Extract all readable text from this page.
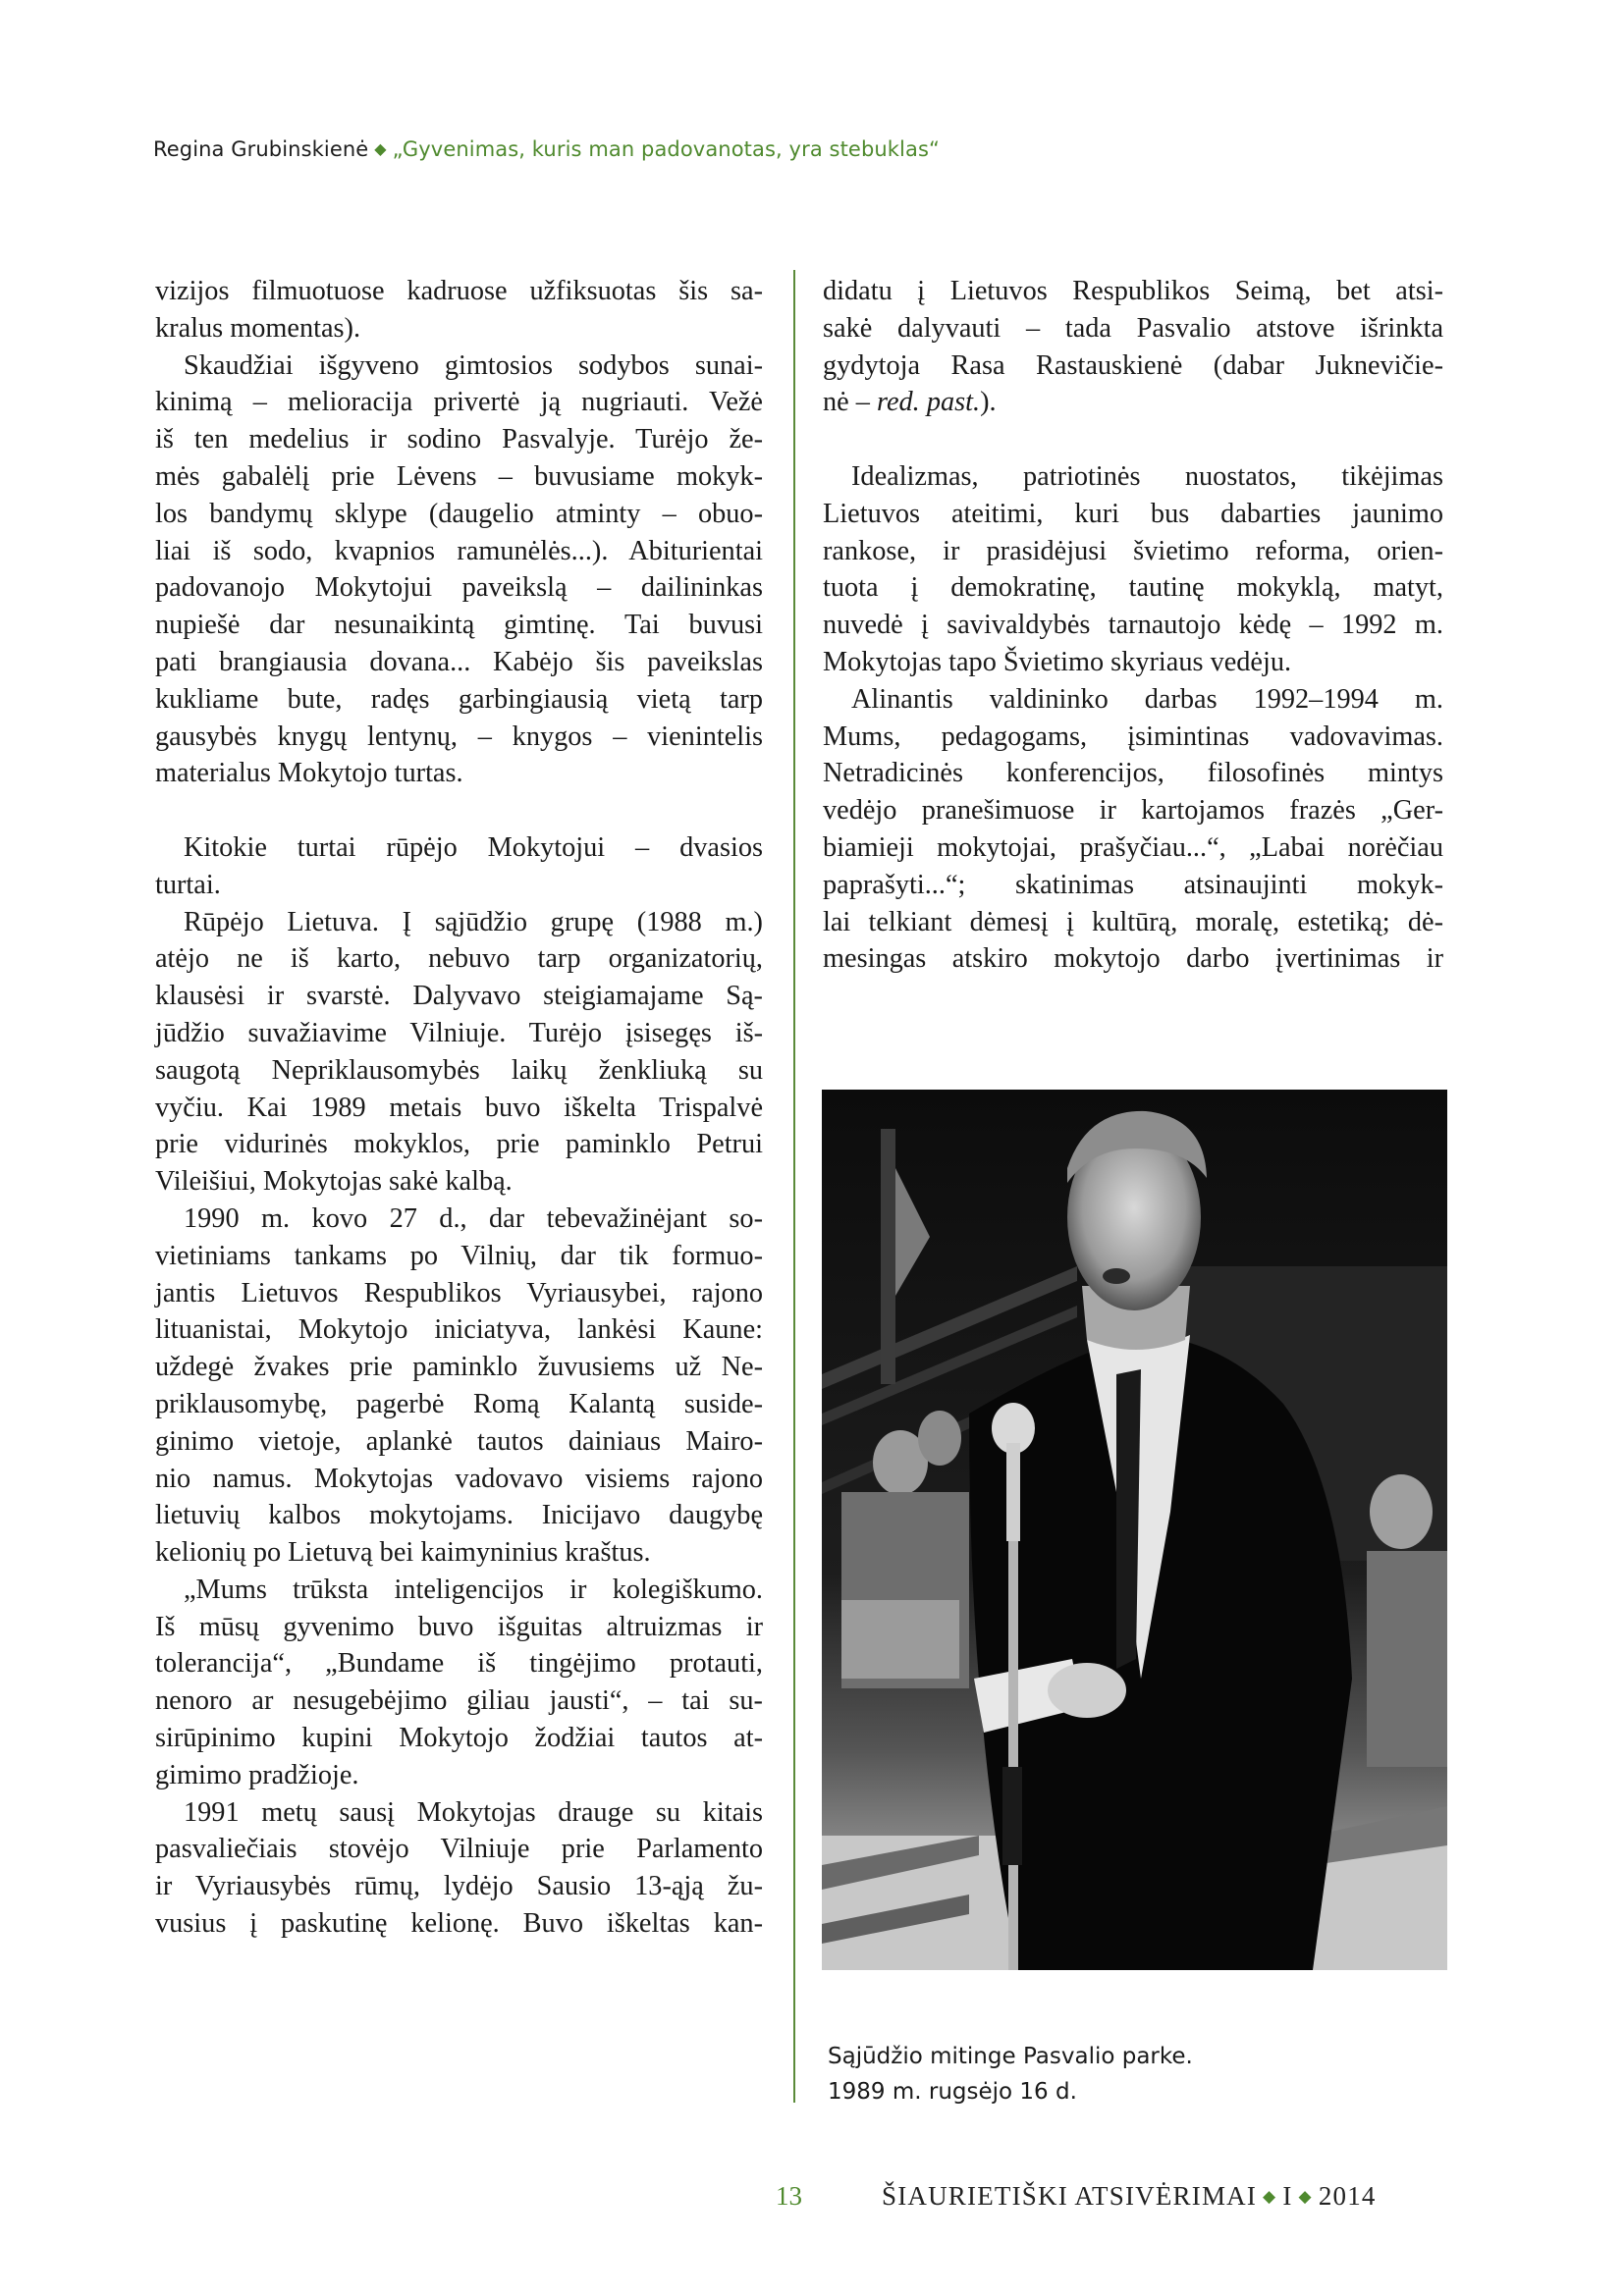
Regina Grubinskienė ◆ „Gyvenimas, kuris man padovanotas, yra stebuklas“

vizijos filmuotuose kadruose užfiksuotas šis sa-
kralus momentas).

Skaudžiai išgyveno gimtosios sodybos sunai-
kinimą – melioracija privertė ją nugriauti. Vežė
iš ten medelius ir sodino Pasvalyje. Turėjo že-
mės gabalėlį prie Lėvens – buvusiame mokyk-
los bandymų sklype (daugelio atminty – obuo-
liai iš sodo, kvapnios ramunėlės...). Abiturientai
padovanojo Mokytojui paveikslą – dailininkas
nupiešė dar nesunaikintą gimtinę. Tai buvusi
pati brangiausia dovana... Kabėjo šis paveikslas
kukliame bute, radęs garbingiausią vietą tarp
gausybės knygų lentynų, – knygos – vienintelis
materialus Mokytojo turtas.

Kitokie turtai rūpėjo Mokytojui – dvasios
turtai.

Rūpėjo Lietuva. Į sąjūdžio grupę (1988 m.)
atėjo ne iš karto, nebuvo tarp organizatorių,
klausėsi ir svarstė. Dalyvavo steigiamajame Są-
jūdžio suvažiavime Vilniuje. Turėjo įsisegęs iš-
saugotą Nepriklausomybės laikų ženkliuką su
vyčiu. Kai 1989 metais buvo iškelta Trispalvė
prie vidurinės mokyklos, prie paminklo Petrui
Vileišiui, Mokytojas sakė kalbą.

1990 m. kovo 27 d., dar tebevažinėjant so-
vietiniams tankams po Vilnių, dar tik formuo-
jantis Lietuvos Respublikos Vyriausybei, rajono
lituanistai, Mokytojo iniciatyva, lankėsi Kaune:
uždegė žvakes prie paminklo žuvusiems už Ne-
priklausomybę, pagerbė Romą Kalantą suside-
ginimo vietoje, aplankė tautos dainiaus Mairo-
nio namus. Mokytojas vadovavo visiems rajono
lietuvių kalbos mokytojams. Inicijavo daugybę
kelionių po Lietuvą bei kaimyninius kraštus.

„Mums trūksta inteligencijos ir kolegiškumo.
Iš mūsų gyvenimo buvo išguitas altruizmas ir
tolerancija“, „Bundame iš tingėjimo protauti,
nenoro ar nesugebėjimo giliau jausti“, – tai su-
sirūpinimo kupini Mokytojo žodžiai tautos at-
gimimo pradžioje.

1991 metų sausį Mokytojas drauge su kitais
pasvaliečiais stovėjo Vilniuje prie Parlamento
ir Vyriausybės rūmų, lydėjo Sausio 13-ąją žu-
vusius į paskutinę kelionę. Buvo iškeltas kan-

didatu į Lietuvos Respublikos Seimą, bet atsi-
sakė dalyvauti – tada Pasvalio atstove išrinkta
gydytoja Rasa Rastauskienė (dabar Juknevičie-
nė – red. past.).

Idealizmas, patriotinės nuostatos, tikėjimas
Lietuvos ateitimi, kuri bus dabarties jaunimo
rankose, ir prasidėjusi švietimo reforma, orien-
tuota į demokratinę, tautinę mokyklą, matyt,
nuvedė į savivaldybės tarnautojo kėdę – 1992 m.
Mokytojas tapo Švietimo skyriaus vedėju.

Alinantis valdininko darbas 1992–1994 m.
Mums, pedagogams, įsimintinas vadovavimas.
Netradicinės konferencijos, filosofinės mintys
vedėjo pranešimuose ir kartojamos frazės „Ger-
biamieji mokytojai, prašyčiau...“, „Labai norėčiau
paprašyti...“; skatinimas atsinaujinti mokyk-
lai telkiant dėmesį į kultūrą, moralę, estetiką; dė-
mesingas atskiro mokytojo darbo įvertinimas ir

Sąjūdžio mitinge Pasvalio parke.
1989 m. rugsėjo 16 d.
13	ŠIAURIETIŠKI ATSIVĖRIMAI ◆ I ◆ 2014
